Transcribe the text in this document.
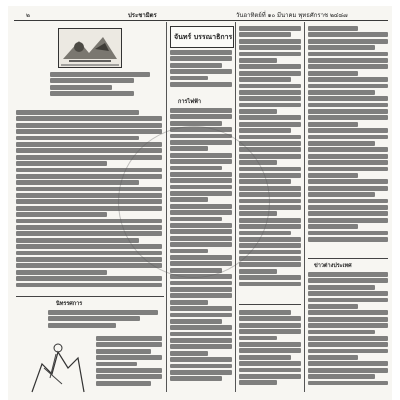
๒	ประชามิตร	วันอาทิตย์ที่ ๑๐ มีนาคม พุทธศักราช ๒๔๘๗
นิทรรศการ
จันทร์ บรรณาธิการ
การไฟฟ้า
ข่าวต่างประเทศ
